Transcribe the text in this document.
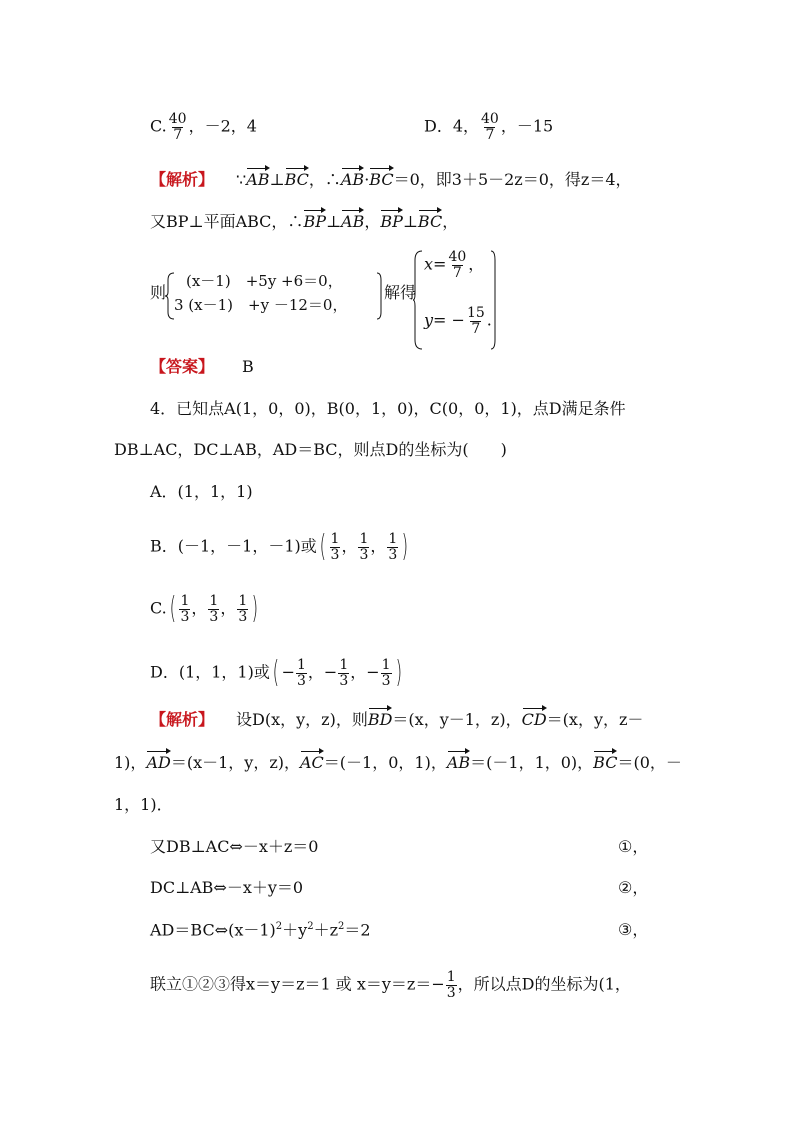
C. $\frac{40}{7}$ ，－2，4	D．4， $\frac{40}{7}$ ，－15
【解析】 ∵AB⊥BC，∴AB·BC＝0，即3＋5－2z＝0，得z＝4，
又BP⊥平面ABC，∴BP⊥AB，BP⊥BC，
则
(x－1)　+5y +6＝0，
3 (x－1)　+y －12＝0，
解得
$x= \frac{40}{7}$ ，
$y= - \frac{15}{7}$ .
【答案】 B
4．已知点A(1，0，0)，B(0，1，0)，C(0，0，1)，点D满足条件
DB⊥AC，DC⊥AB，AD＝BC，则点D的坐标为(　　)
A．(1，1，1)
B．(－1，－1，－1)或( $\frac{1}{3}$ ， $\frac{1}{3}$ ， $\frac{1}{3}$ )
$C.( \frac{1}{3}$ ， $\frac{1}{3}$ ， $\frac{1}{3}$ )
D．(1，1，1)或( − $\frac{1}{3}$ ，− $\frac{1}{3}$ ，− $\frac{1}{3}$ )
【解析】 设D(x，y，z)，则BD＝(x，y－1，z)，CD＝(x，y，z－
1)，AD＝(x－1，y，z)，AC＝(－1，0，1)，AB＝(－1，1，0)，BC＝(0，－
1，1)．
又DB⊥AC⇔－x＋z＝0	①，
DC⊥AB⇔－x＋y＝0	②，
$AD=BC\Leftrightarrow(x-1)^2+y^2+z^2=2$	③，
联立①②③得x＝y＝z＝1 或 $x=y=z=- \frac{1}{3}$ ，所以点D的坐标为(1，
